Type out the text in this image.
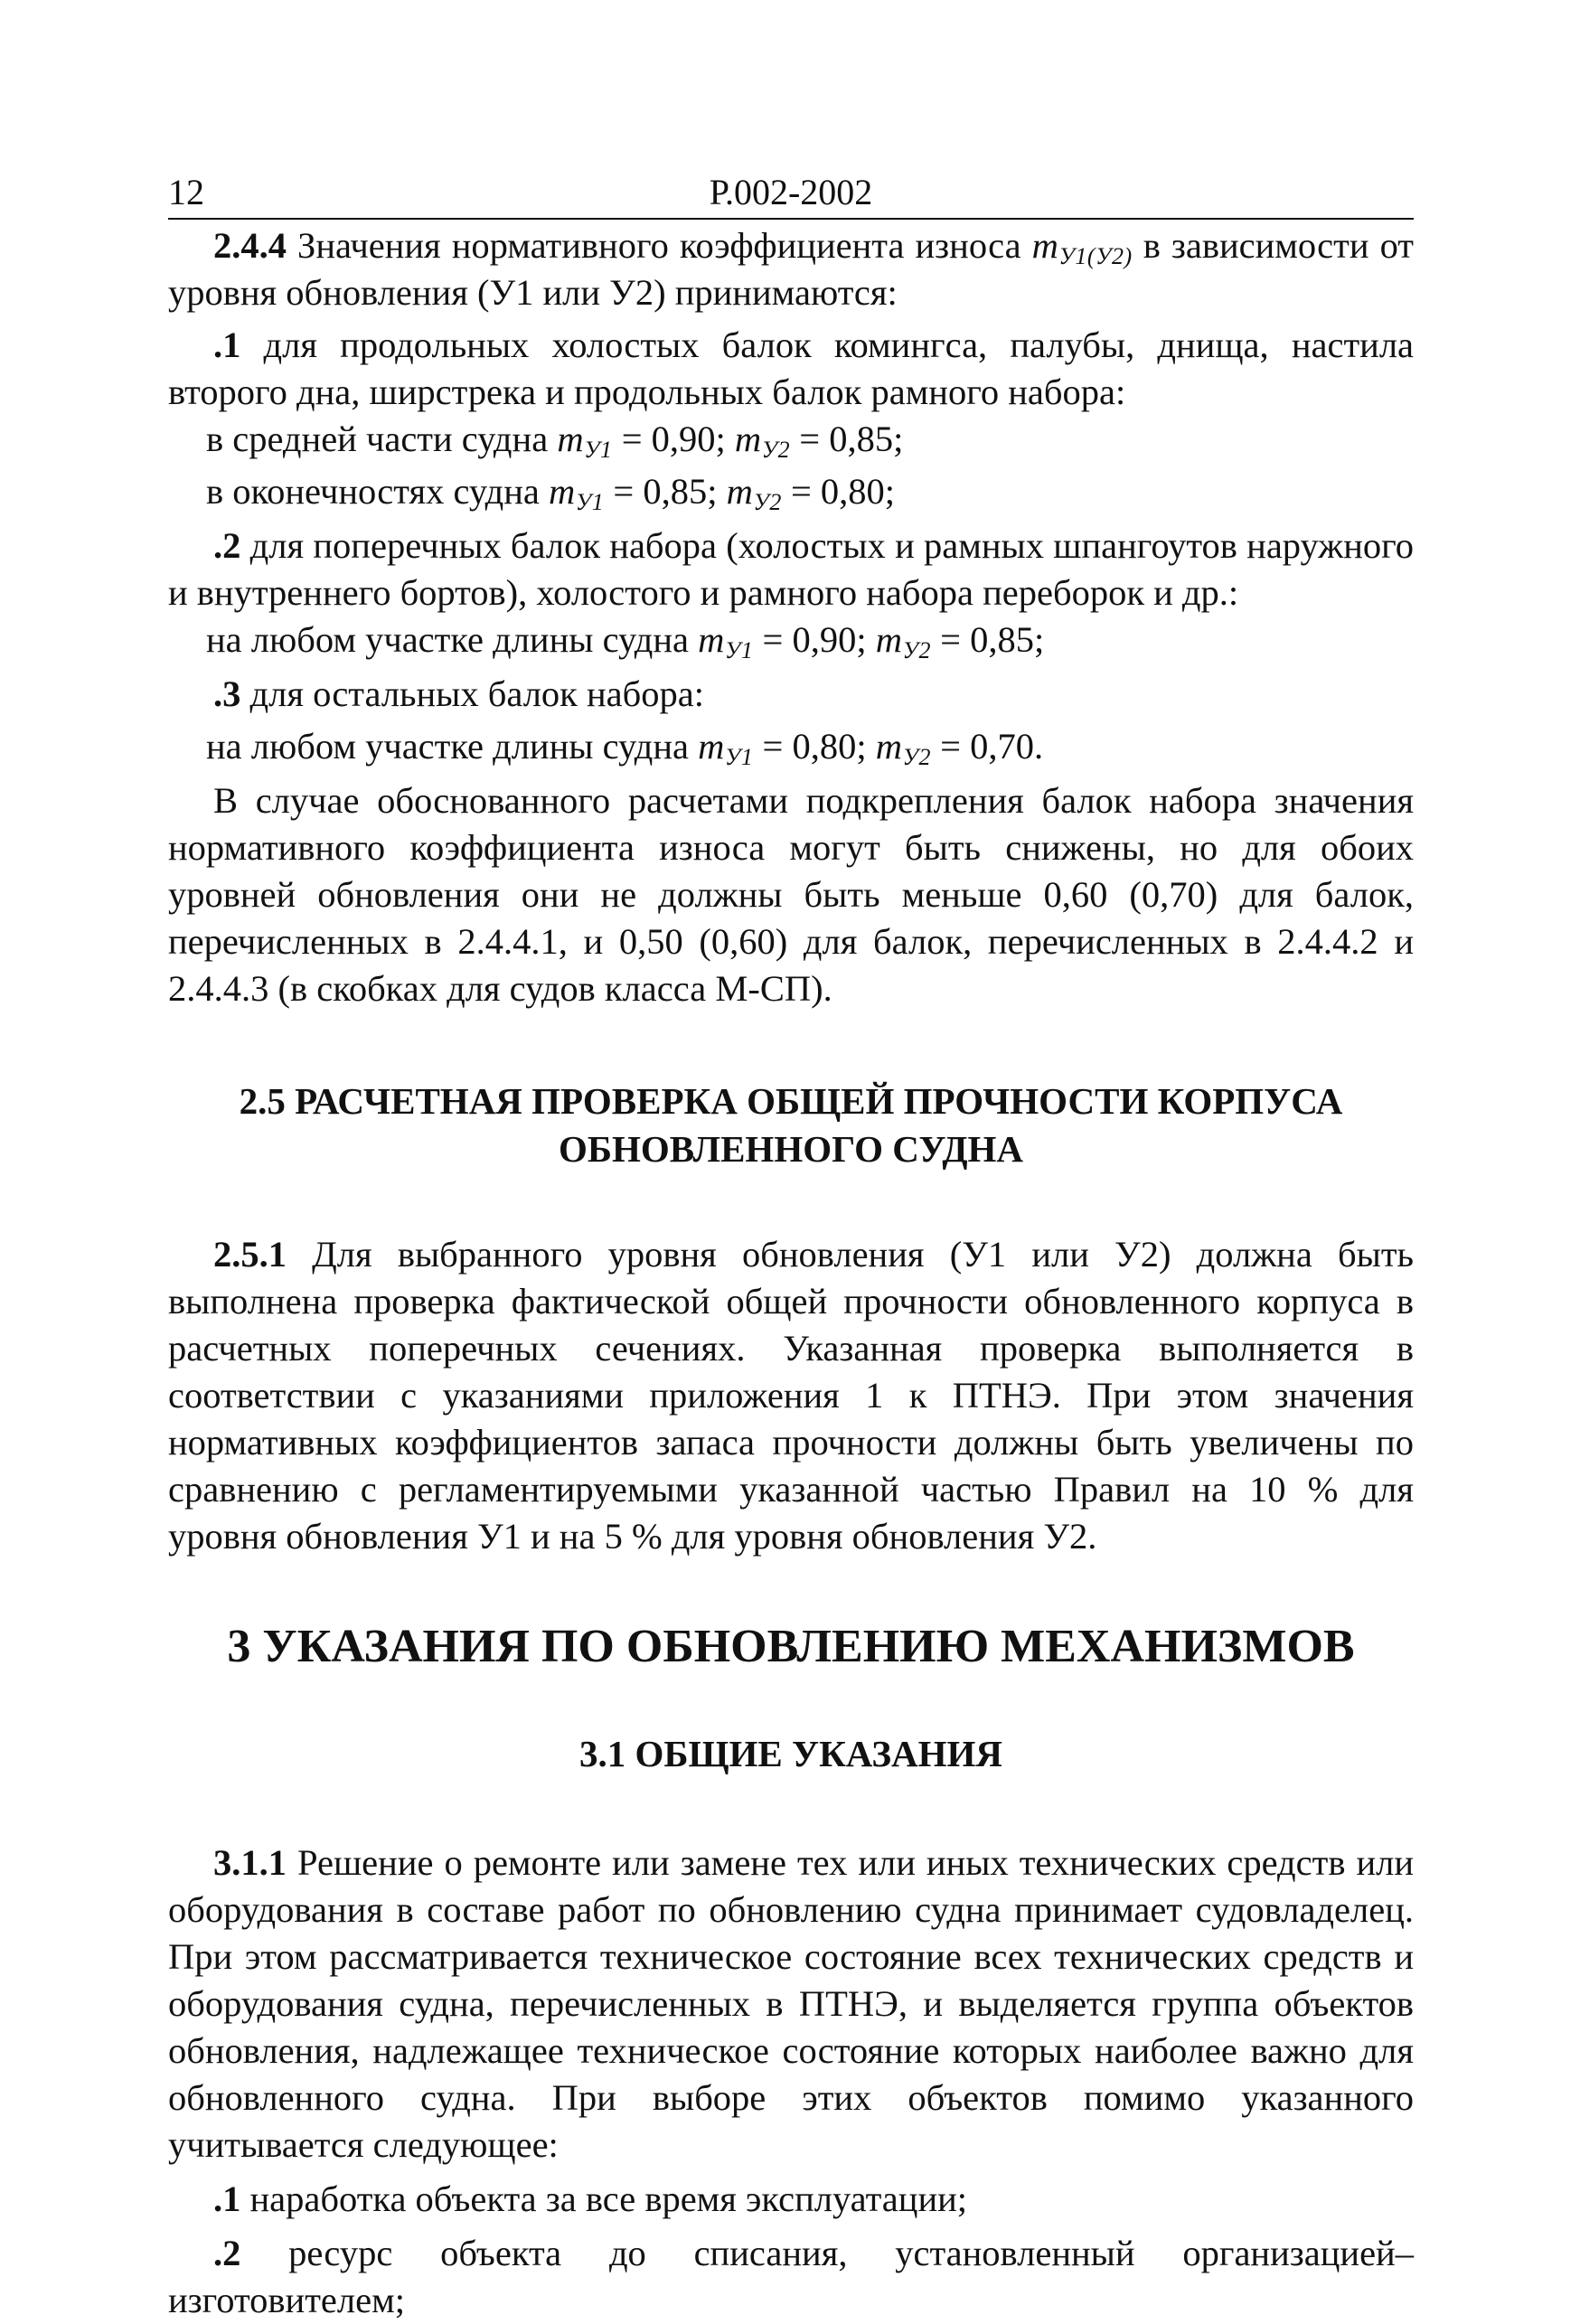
12	Р.002-2002

2.4.4 Значения нормативного коэффициента износа $m_{У1(У2)}$ в зависимости от уровня обновления (У1 или У2) принимаются:

.1 для продольных холостых балок комингса, палубы, днища, настила второго дна, ширстрека и продольных балок рамного набора:

в средней части судна $m_{У1} = 0,90$; $m_{У2} = 0,85$;

в оконечностях судна $m_{У1} = 0,85$; $m_{У2} = 0,80$;

.2 для поперечных балок набора (холостых и рамных шпангоутов наружного и внутреннего бортов), холостого и рамного набора переборок и др.:

на любом участке длины судна $m_{У1} = 0,90$; $m_{У2} = 0,85$;

.3 для остальных балок набора:

на любом участке длины судна $m_{У1} = 0,80$; $m_{У2} = 0,70$.

В случае обоснованного расчетами подкрепления балок набора значения нормативного коэффициента износа могут быть снижены, но для обоих уровней обновления они не должны быть меньше 0,60 (0,70) для балок, перечисленных в 2.4.4.1, и 0,50 (0,60) для балок, перечисленных в 2.4.4.2 и 2.4.4.3 (в скобках для судов класса М-СП).

2.5 РАСЧЕТНАЯ ПРОВЕРКА ОБЩЕЙ ПРОЧНОСТИ КОРПУСА
ОБНОВЛЕННОГО СУДНА

2.5.1 Для выбранного уровня обновления (У1 или У2) должна быть выполнена проверка фактической общей прочности обновленного корпуса в расчетных поперечных сечениях. Указанная проверка выполняется в соответствии с указаниями приложения 1 к ПТНЭ. При этом значения нормативных коэффициентов запаса прочности должны быть увеличены по сравнению с регламентируемыми указанной частью Правил на 10 % для уровня обновления У1 и на 5 % для уровня обновления У2.

3 УКАЗАНИЯ ПО ОБНОВЛЕНИЮ МЕХАНИЗМОВ
3.1 ОБЩИЕ УКАЗАНИЯ

3.1.1 Решение о ремонте или замене тех или иных технических средств или оборудования в составе работ по обновлению судна принимает судовладелец. При этом рассматривается техническое состояние всех технических средств и оборудования судна, перечисленных в ПТНЭ, и выделяется группа объектов обновления, надлежащее техническое состояние которых наиболее важно для обновленного судна. При выборе этих объектов помимо указанного учитывается следующее:

.1 наработка объекта за все время эксплуатации;

.2 ресурс объекта до списания, установленный организацией–изготовителем;
